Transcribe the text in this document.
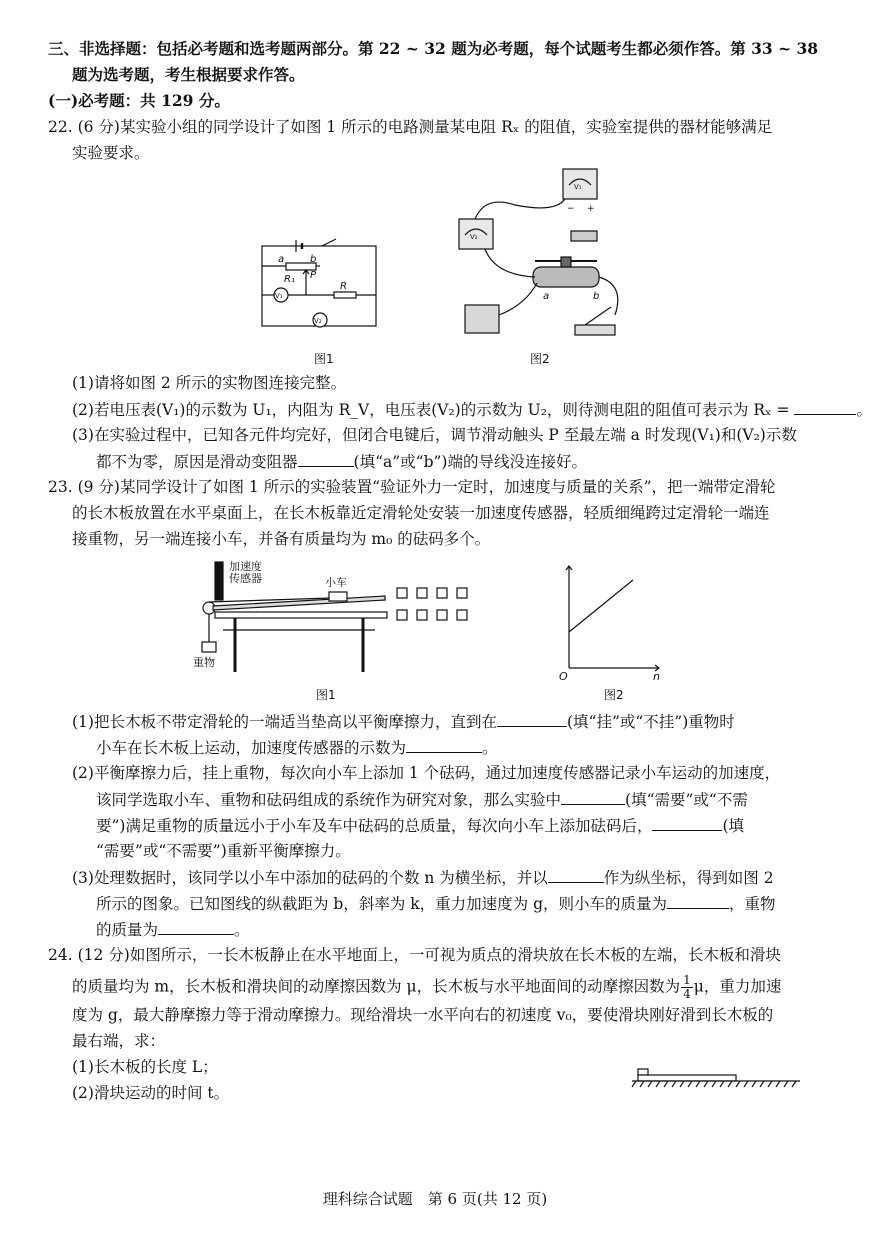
三、非选择题：包括必考题和选考题两部分。第 22 ~ 32 题为必考题，每个试题考生都必须作答。第 33 ~ 38
题为选考题，考生根据要求作答。
(一)必考题：共 129 分。
22. (6 分)某实验小组的同学设计了如图 1 所示的电路测量某电阻 Rₓ 的阻值，实验室提供的器材能够满足
实验要求。
a	b
P
R₁
R
V₁
V₂
图1
V₁
V₂
− +
a	b
图2
(1)请将如图 2 所示的实物图连接完整。
(2)若电压表(V₁)的示数为 U₁，内阻为 R_V，电压表(V₂)的示数为 U₂，则待测电阻的阻值可表示为 Rₓ =	。
(3)在实验过程中，已知各元件均完好，但闭合电键后，调节滑动触头 P 至最左端 a 时发现(V₁)和(V₂)示数
都不为零，原因是滑动变阻器	(填“a”或“b”)端的导线没连接好。
23. (9 分)某同学设计了如图 1 所示的实验装置“验证外力一定时，加速度与质量的关系”，把一端带定滑轮
的长木板放置在水平桌面上，在长木板靠近定滑轮处安装一加速度传感器，轻质细绳跨过定滑轮一端连
接重物，另一端连接小车，并备有质量均为 m₀ 的砝码多个。
加速度
传感器	小车
重物
图1
O	n
图2
(1)把长木板不带定滑轮的一端适当垫高以平衡摩擦力，直到在	(填“挂”或“不挂”)重物时
小车在长木板上运动，加速度传感器的示数为	。
(2)平衡摩擦力后，挂上重物，每次向小车上添加 1 个砝码，通过加速度传感器记录小车运动的加速度，
该同学选取小车、重物和砝码组成的系统作为研究对象，那么实验中	(填“需要”或“不需
要”)满足重物的质量远小于小车及车中砝码的总质量，每次向小车上添加砝码后，	(填
“需要”或“不需要”)重新平衡摩擦力。
(3)处理数据时，该同学以小车中添加的砝码的个数 n 为横坐标，并以	作为纵坐标，得到如图 2
所示的图象。已知图线的纵截距为 b，斜率为 k，重力加速度为 g，则小车的质量为	，重物
的质量为	。
24. (12 分)如图所示，一长木板静止在水平地面上，一可视为质点的滑块放在长木板的左端，长木板和滑块
的质量均为 m，长木板和滑块间的动摩擦因数为 μ，长木板与水平地面间的动摩擦因数为 $\frac{1}{4}$ μ，重力加速
度为 g，最大静摩擦力等于滑动摩擦力。现给滑块一水平向右的初速度 v₀，要使滑块刚好滑到长木板的
最右端，求：
(1)长木板的长度 L；
(2)滑块运动的时间 t。
理科综合试题　第 6 页(共 12 页)
